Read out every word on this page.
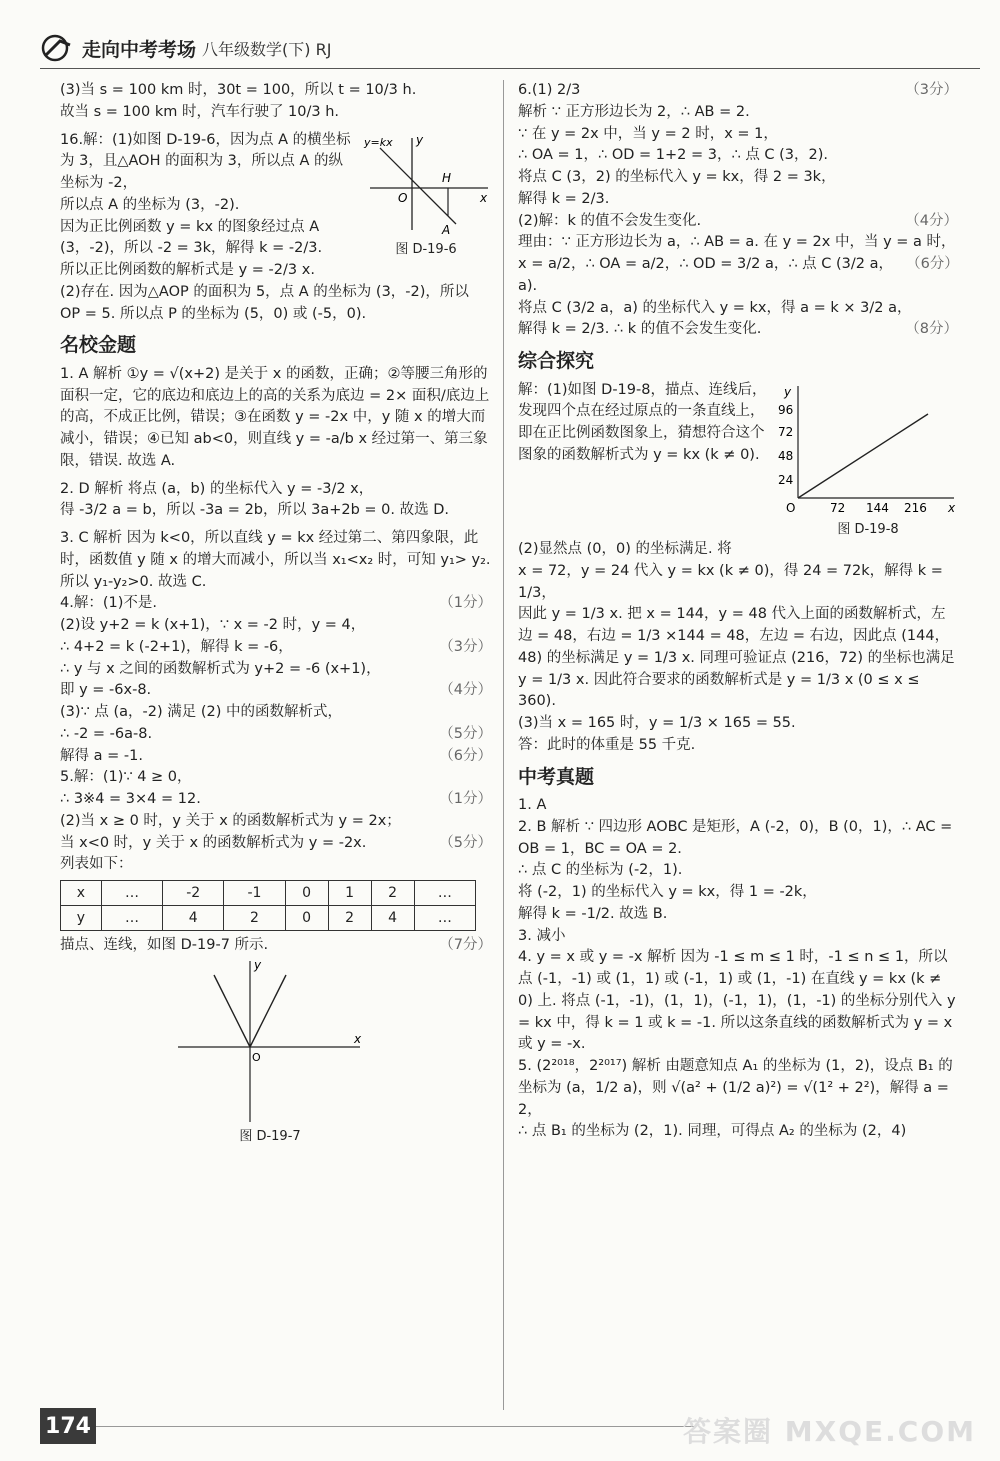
走向中考考场 八年级数学(下) RJ

(3)当 s = 100 km 时，30t = 100，所以 t = 10/3 h.

故当 s = 100 km 时，汽车行驶了 10/3 h.

16.解：(1)如图 D-19-6，因为点 A 的横坐标为 3，且△AOH 的面积为 3，所以点 A 的纵坐标为 -2，

所以点 A 的坐标为 (3，-2).

因为正比例函数 y = kx 的图象经过点 A (3，-2)，所以 -2 = 3k，解得 k = -2/3.

y=kx y
x
O
H
A
图 D-19-6

所以正比例函数的解析式是 y = -2/3 x.

(2)存在. 因为△AOP 的面积为 5，点 A 的坐标为 (3，-2)，所以 OP = 5. 所以点 P 的坐标为 (5，0) 或 (-5，0).

名校金题

1. A 解析 ①y = √(x+2) 是关于 x 的函数，正确；②等腰三角形的面积一定，它的底边和底边上的高的关系为底边 = 2× 面积/底边上的高，不成正比例，错误；③在函数 y = -2x 中，y 随 x 的增大而减小，错误；④已知 ab<0，则直线 y = -a/b x 经过第一、第三象限，错误. 故选 A.

2. D 解析 将点 (a，b) 的坐标代入 y = -3/2 x，

得 -3/2 a = b，所以 -3a = 2b，所以 3a+2b = 0. 故选 D.

3. C 解析 因为 k<0，所以直线 y = kx 经过第二、第四象限，此时，函数值 y 随 x 的增大而减小，所以当 x₁<x₂ 时，可知 y₁> y₂. 所以 y₁-y₂>0. 故选 C.

4.解：(1)不是.	（1分）
(2)设 y+2 = k (x+1)，∵ x = -2 时，y = 4，
∴ 4+2 = k (-2+1)，解得 k = -6，	（3分）
∴ y 与 x 之间的函数解析式为 y+2 = -6 (x+1)，
即 y = -6x-8.	（4分）
(3)∵ 点 (a，-2) 满足 (2) 中的函数解析式，
∴ -2 = -6a-8.	（5分）
解得 a = -1.	（6分）
5.解：(1)∵ 4 ≥ 0，
∴ 3※4 = 3×4 = 12.	（1分）
(2)当 x ≥ 0 时，y 关于 x 的函数解析式为 y = 2x；
当 x<0 时，y 关于 x 的函数解析式为 y = -2x.	（5分）
列表如下：
x	…	-2	-1	0	1	2	…
y	…	4	2	0	2	4	…
描点、连线，如图 D-19-7 所示.	（7分）
x
y
O
图 D-19-7
6.(1) 2/3	（3分）
解析 ∵ 正方形边长为 2，∴ AB = 2.
∵ 在 y = 2x 中，当 y = 2 时，x = 1，
∴ OA = 1，∴ OD = 1+2 = 3，∴ 点 C (3，2).
将点 C (3，2) 的坐标代入 y = kx，得 2 = 3k，
解得 k = 2/3.
(2)解：k 的值不会发生变化.	（4分）
理由：∵ 正方形边长为 a，∴ AB = a. 在 y = 2x 中，当 y = a 时，
x = a/2，∴ OA = a/2，∴ OD = 3/2 a，∴ 点 C (3/2 a，a).
（6分）
将点 C (3/2 a，a) 的坐标代入 y = kx，得 a = k × 3/2 a，
解得 k = 2/3. ∴ k 的值不会发生变化.	（8分）
综合探究

解：(1)如图 D-19-8，描点、连线后，发现四个点在经过原点的一条直线上，即在正比例函数图象上，猜想符合这个图象的函数解析式为 y = kx (k ≠ 0).

y
x
O
96
72
48
24
72 144 216
图 D-19-8

(2)显然点 (0，0) 的坐标满足. 将

x = 72，y = 24 代入 y = kx (k ≠ 0)，得 24 = 72k，解得 k = 1/3，

因此 y = 1/3 x. 把 x = 144，y = 48 代入上面的函数解析式，左边 = 48，右边 = 1/3 ×144 = 48，左边 = 右边，因此点 (144，48) 的坐标满足 y = 1/3 x. 同理可验证点 (216，72) 的坐标也满足 y = 1/3 x. 因此符合要求的函数解析式是 y = 1/3 x (0 ≤ x ≤ 360).

(3)当 x = 165 时，y = 1/3 × 165 = 55.

答：此时的体重是 55 千克.

中考真题

1. A

2. B 解析 ∵ 四边形 AOBC 是矩形，A (-2，0)，B (0，1)，∴ AC = OB = 1，BC = OA = 2.

∴ 点 C 的坐标为 (-2，1).

将 (-2，1) 的坐标代入 y = kx，得 1 = -2k，

解得 k = -1/2. 故选 B.

3. 减小

4. y = x 或 y = -x 解析 因为 -1 ≤ m ≤ 1 时，-1 ≤ n ≤ 1，所以点 (-1，-1) 或 (1，1) 或 (-1，1) 或 (1，-1) 在直线 y = kx (k ≠ 0) 上. 将点 (-1，-1)，(1，1)，(-1，1)，(1，-1) 的坐标分别代入 y = kx 中，得 k = 1 或 k = -1. 所以这条直线的函数解析式为 y = x 或 y = -x.

5. (2²⁰¹⁸，2²⁰¹⁷) 解析 由题意知点 A₁ 的坐标为 (1，2)，设点 B₁ 的坐标为 (a，1/2 a)，则 √(a² + (1/2 a)²) = √(1² + 2²)，解得 a = 2，

∴ 点 B₁ 的坐标为 (2，1). 同理，可得点 A₂ 的坐标为 (2，4)

174	答案圈 MXQE.COM
